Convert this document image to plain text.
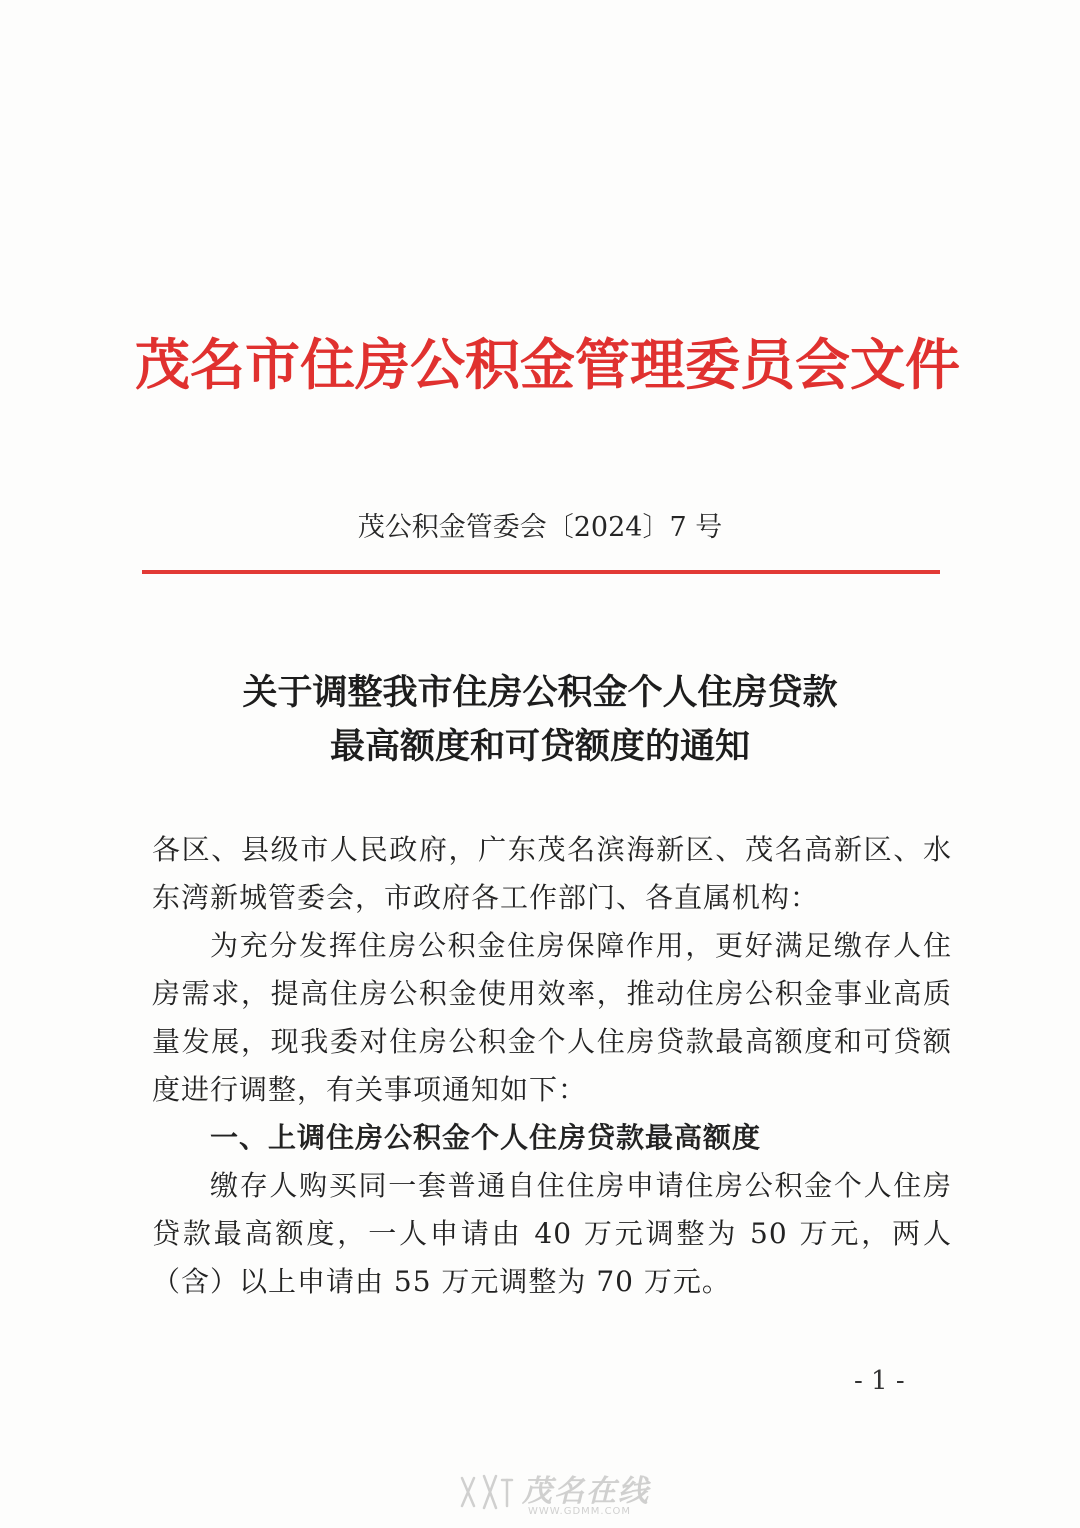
茂名市住房公积金管理委员会文件
茂公积金管委会〔2024〕7 号
关于调整我市住房公积金个人住房贷款
最高额度和可贷额度的通知

各区、县级市人民政府，广东茂名滨海新区、茂名高新区、水东湾新城管委会，市政府各工作部门、各直属机构：

为充分发挥住房公积金住房保障作用，更好满足缴存人住房需求，提高住房公积金使用效率，推动住房公积金事业高质量发展，现我委对住房公积金个人住房贷款最高额度和可贷额度进行调整，有关事项通知如下：

一、上调住房公积金个人住房贷款最高额度

缴存人购买同一套普通自住住房申请住房公积金个人住房贷款最高额度，一人申请由 40 万元调整为 50 万元，两人（含）以上申请由 55 万元调整为 70 万元。

- 1 -
茂名在线
WWW.GDMM.COM
